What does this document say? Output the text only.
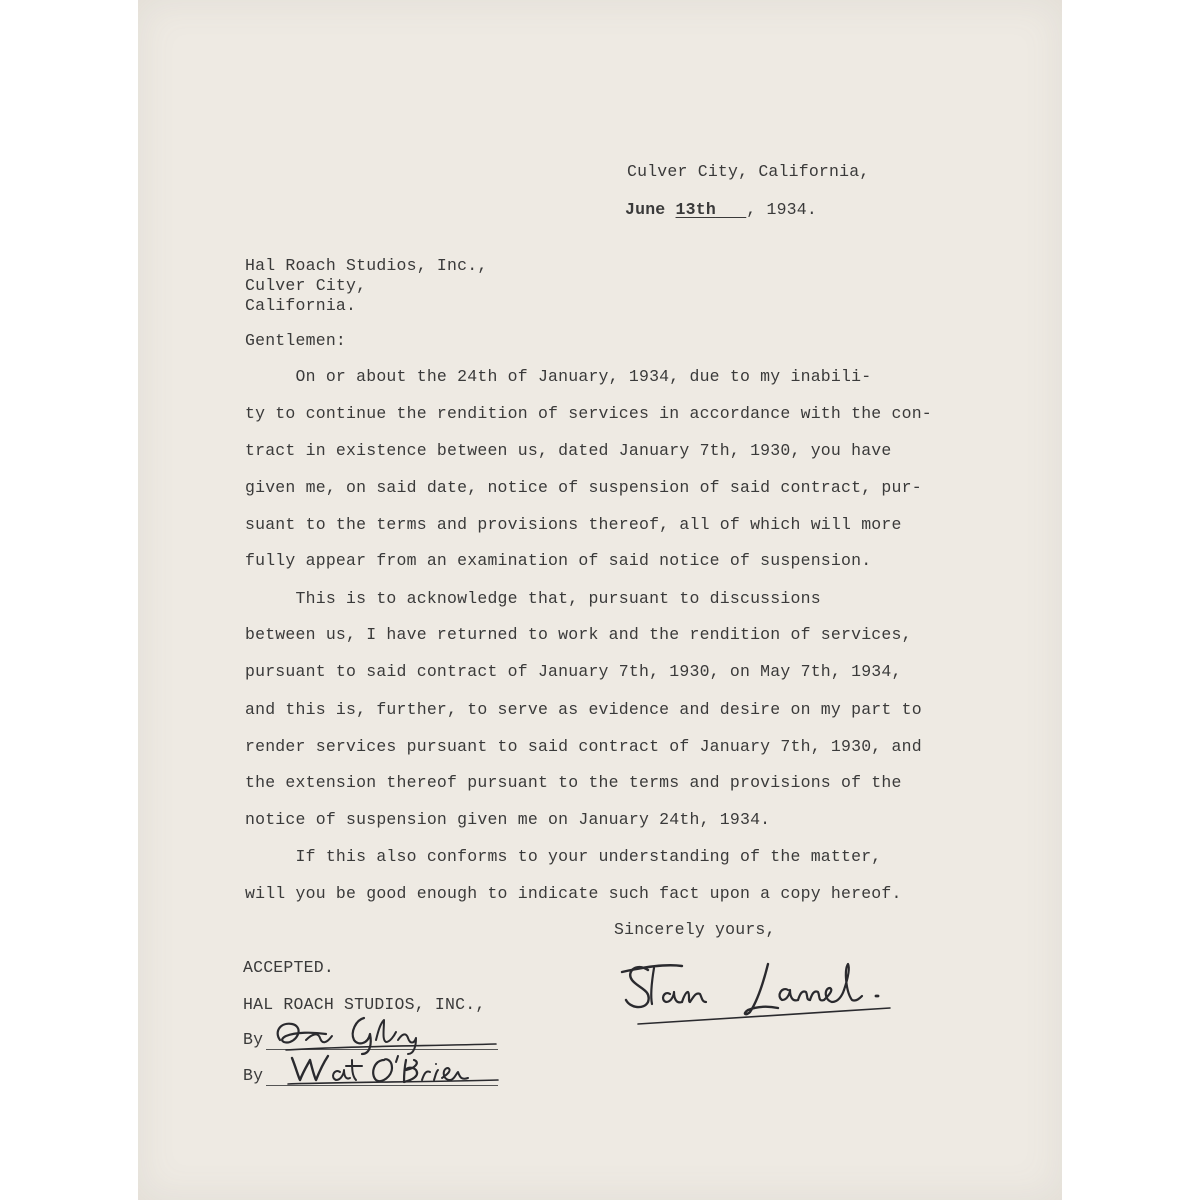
Culver City, California,
June 13th , 1934.
Hal Roach Studios, Inc.,
Culver City,
California.
Gentlemen:
On or about the 24th of January, 1934, due to my inabili-
ty to continue the rendition of services in accordance with the con-
tract in existence between us, dated January 7th, 1930, you have
given me, on said date, notice of suspension of said contract, pur-
suant to the terms and provisions thereof, all of which will more
fully appear from an examination of said notice of suspension.
This is to acknowledge that, pursuant to discussions
between us, I have returned to work and the rendition of services,
pursuant to said contract of January 7th, 1930, on May 7th, 1934,
and this is, further, to serve as evidence and desire on my part to
render services pursuant to said contract of January 7th, 1930, and
the extension thereof pursuant to the terms and provisions of the
notice of suspension given me on January 24th, 1934.
If this also conforms to your understanding of the matter,
will you be good enough to indicate such fact upon a copy hereof.
Sincerely yours,
ACCEPTED.
HAL ROACH STUDIOS, INC.,
By
By
